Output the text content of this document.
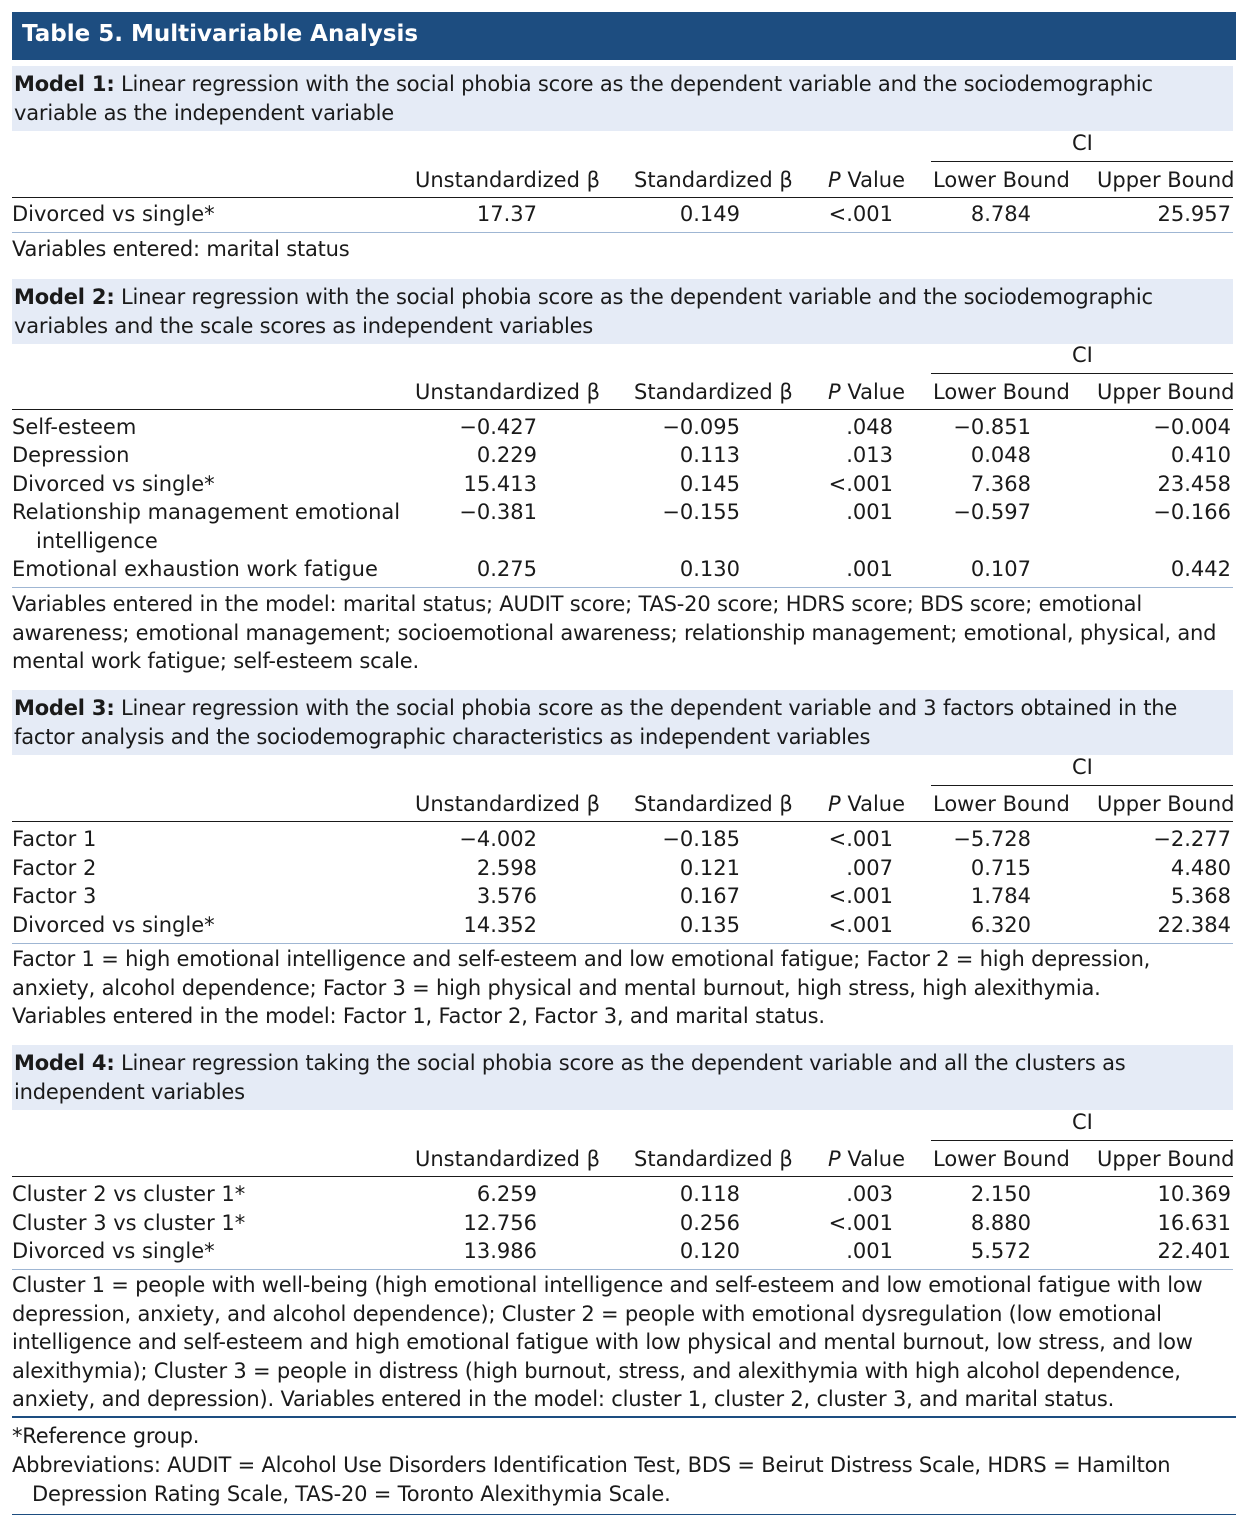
Table 5. Multivariable Analysis
Model 1: Linear regression with the social phobia score as the dependent variable and the sociodemographic variable as the independent variable
CI
Unstandardized β Standardized β P Value Lower Bound Upper Bound
Divorced vs single*	17.37	0.149	<.001	8.784	25.957
Variables entered: marital status
Model 2: Linear regression with the social phobia score as the dependent variable and the sociodemographic variables and the scale scores as independent variables
CI
Unstandardized β Standardized β P Value Lower Bound Upper Bound
Self-esteem	−0.427	−0.095	.048	−0.851	−0.004
Depression	0.229	0.113	.013	0.048	0.410
Divorced vs single*	15.413	0.145	<.001	7.368	23.458
Relationship management emotional	−0.381	−0.155	.001	−0.597	−0.166
intelligence
Emotional exhaustion work fatigue	0.275	0.130	.001	0.107	0.442
Variables entered in the model: marital status; AUDIT score; TAS-20 score; HDRS score; BDS score; emotional awareness; emotional management; socioemotional awareness; relationship management; emotional, physical, and mental work fatigue; self-esteem scale.
Model 3: Linear regression with the social phobia score as the dependent variable and 3 factors obtained in the factor analysis and the sociodemographic characteristics as independent variables
CI
Unstandardized β Standardized β P Value Lower Bound Upper Bound
Factor 1	−4.002	−0.185	<.001	−5.728	−2.277
Factor 2	2.598	0.121	.007	0.715	4.480
Factor 3	3.576	0.167	<.001	1.784	5.368
Divorced vs single*	14.352	0.135	<.001	6.320	22.384
Factor 1 = high emotional intelligence and self-esteem and low emotional fatigue; Factor 2 = high depression, anxiety, alcohol dependence; Factor 3 = high physical and mental burnout, high stress, high alexithymia.
Variables entered in the model: Factor 1, Factor 2, Factor 3, and marital status.
Model 4: Linear regression taking the social phobia score as the dependent variable and all the clusters as independent variables
CI
Unstandardized β Standardized β P Value Lower Bound Upper Bound
Cluster 2 vs cluster 1*	6.259	0.118	.003	2.150	10.369
Cluster 3 vs cluster 1*	12.756	0.256	<.001	8.880	16.631
Divorced vs single*	13.986	0.120	.001	5.572	22.401
Cluster 1 = people with well-being (high emotional intelligence and self-esteem and low emotional fatigue with low depression, anxiety, and alcohol dependence); Cluster 2 = people with emotional dysregulation (low emotional intelligence and self-esteem and high emotional fatigue with low physical and mental burnout, low stress, and low alexithymia); Cluster 3 = people in distress (high burnout, stress, and alexithymia with high alcohol dependence, anxiety, and depression). Variables entered in the model: cluster 1, cluster 2, cluster 3, and marital status.
*Reference group.
Abbreviations: AUDIT = Alcohol Use Disorders Identification Test, BDS = Beirut Distress Scale, HDRS = Hamilton Depression Rating Scale, TAS-20 = Toronto Alexithymia Scale.
